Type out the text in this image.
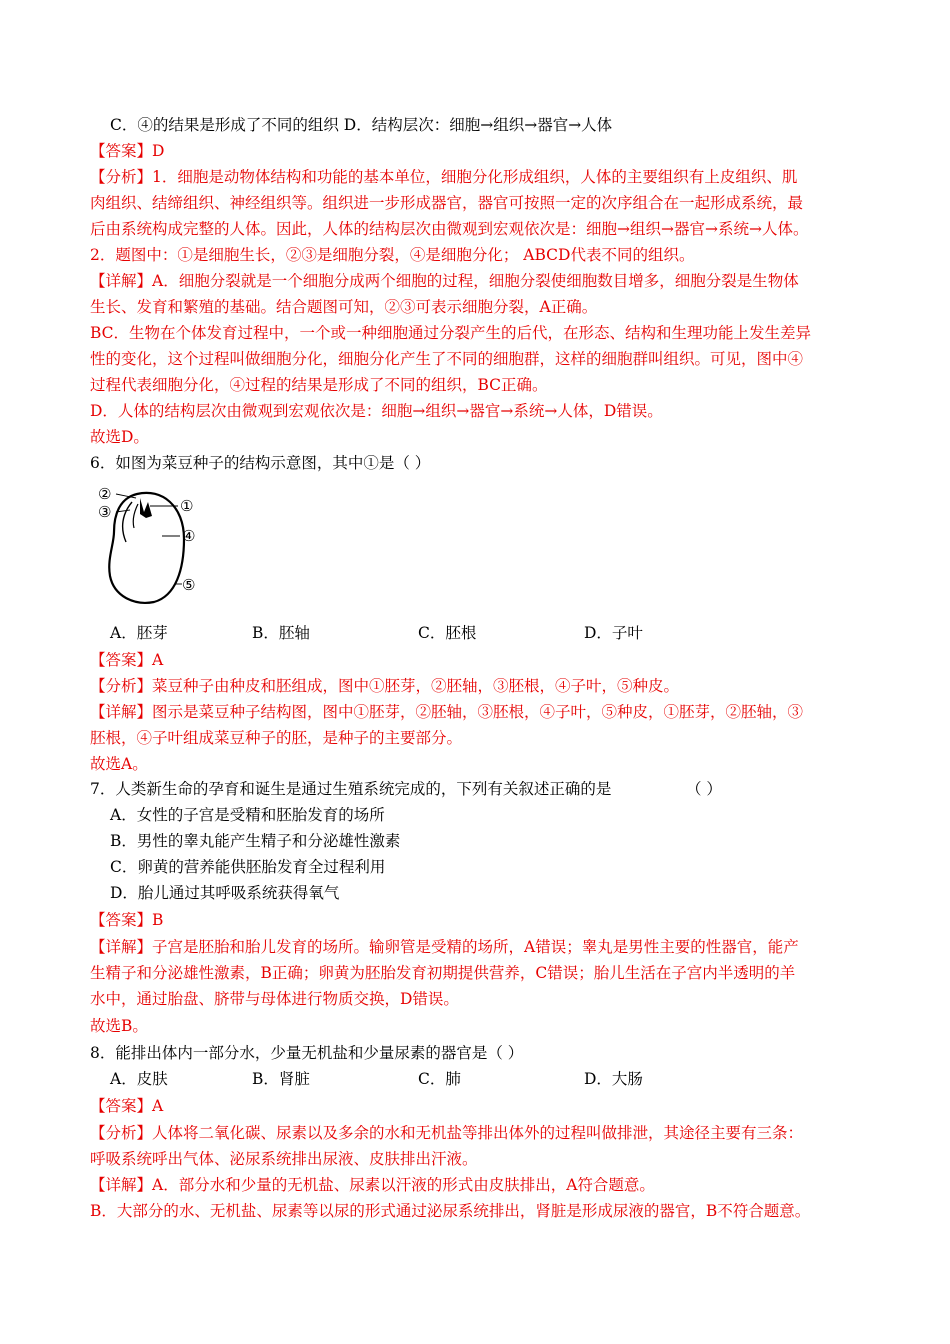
C．④的结果是形成了不同的组织 D．结构层次：细胞→组织→器官→人体
【答案】D
【分析】1．细胞是动物体结构和功能的基本单位，细胞分化形成组织，人体的主要组织有上皮组织、肌
肉组织、结缔组织、神经组织等。组织进一步形成器官，器官可按照一定的次序组合在一起形成系统，最
后由系统构成完整的人体。因此，人体的结构层次由微观到宏观依次是：细胞→组织→器官→系统→人体。
2．题图中：①是细胞生长，②③是细胞分裂，④是细胞分化； ABCD代表不同的组织。
【详解】A．细胞分裂就是一个细胞分成两个细胞的过程，细胞分裂使细胞数目增多，细胞分裂是生物体
生长、发育和繁殖的基础。结合题图可知，②③可表示细胞分裂，A正确。
BC．生物在个体发育过程中，一个或一种细胞通过分裂产生的后代，在形态、结构和生理功能上发生差异
性的变化，这个过程叫做细胞分化，细胞分化产生了不同的细胞群，这样的细胞群叫组织。可见，图中④
过程代表细胞分化，④过程的结果是形成了不同的组织，BC正确。
D．人体的结构层次由微观到宏观依次是：细胞→组织→器官→系统→人体，D错误。
故选D。
6．如图为菜豆种子的结构示意图，其中①是（ ）
②
③	①
④
⑤
A．胚芽	B．胚轴	C．胚根	D．子叶
【答案】A
【分析】菜豆种子由种皮和胚组成，图中①胚芽，②胚轴，③胚根，④子叶，⑤种皮。
【详解】图示是菜豆种子结构图，图中①胚芽，②胚轴，③胚根，④子叶，⑤种皮，①胚芽，②胚轴，③
胚根，④子叶组成菜豆种子的胚，是种子的主要部分。
故选A。
7．人类新生命的孕育和诞生是通过生殖系统完成的，下列有关叙述正确的是	（ ）
A．女性的子宫是受精和胚胎发育的场所
B．男性的睾丸能产生精子和分泌雄性激素
C．卵黄的营养能供胚胎发育全过程利用
D．胎儿通过其呼吸系统获得氧气
【答案】B
【详解】子宫是胚胎和胎儿发育的场所。输卵管是受精的场所，A错误；睾丸是男性主要的性器官，能产
生精子和分泌雄性激素，B正确；卵黄为胚胎发育初期提供营养，C错误；胎儿生活在子宫内半透明的羊
水中，通过胎盘、脐带与母体进行物质交换，D错误。
故选B。
8．能排出体内一部分水，少量无机盐和少量尿素的器官是（ ）
A．皮肤	B．肾脏	C．肺	D．大肠
【答案】A
【分析】人体将二氧化碳、尿素以及多余的水和无机盐等排出体外的过程叫做排泄，其途径主要有三条：
呼吸系统呼出气体、泌尿系统排出尿液、皮肤排出汗液。
【详解】A．部分水和少量的无机盐、尿素以汗液的形式由皮肤排出，A符合题意。
B．大部分的水、无机盐、尿素等以尿的形式通过泌尿系统排出，肾脏是形成尿液的器官，B不符合题意。
